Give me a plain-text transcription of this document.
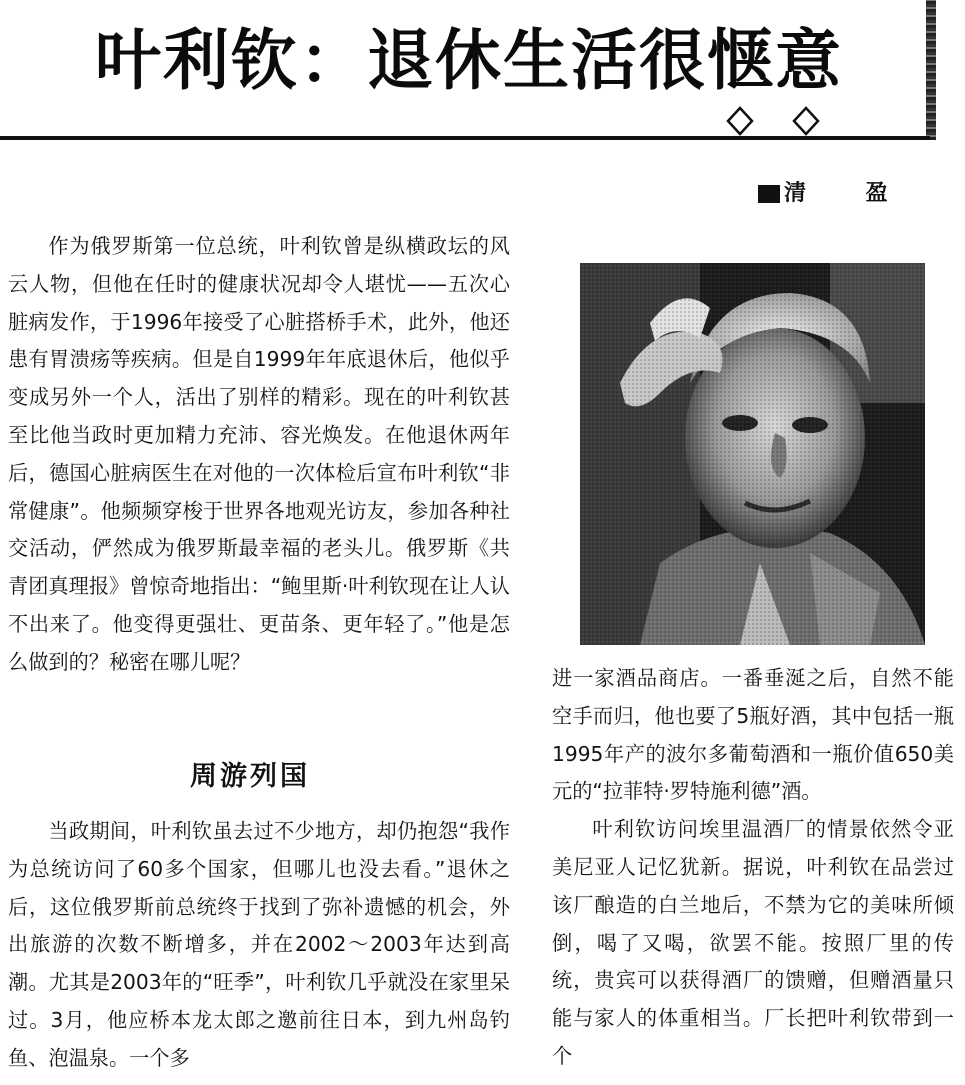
叶利钦：退休生活很惬意
清 盈

作为俄罗斯第一位总统，叶利钦曾是纵横政坛的风云人物，但他在任时的健康状况却令人堪忧——五次心脏病发作，于1996年接受了心脏搭桥手术，此外，他还患有胃溃疡等疾病。但是自1999年年底退休后，他似乎变成另外一个人，活出了别样的精彩。现在的叶利钦甚至比他当政时更加精力充沛、容光焕发。在他退休两年后，德国心脏病医生在对他的一次体检后宣布叶利钦“非常健康”。他频频穿梭于世界各地观光访友，参加各种社交活动，俨然成为俄罗斯最幸福的老头儿。俄罗斯《共青团真理报》曾惊奇地指出：“鲍里斯·叶利钦现在让人认不出来了。他变得更强壮、更苗条、更年轻了。”他是怎么做到的？秘密在哪儿呢？

周游列国

当政期间，叶利钦虽去过不少地方，却仍抱怨“我作为总统访问了60多个国家，但哪儿也没去看。”退休之后，这位俄罗斯前总统终于找到了弥补遗憾的机会，外出旅游的次数不断增多，并在2002～2003年达到高潮。尤其是2003年的“旺季”，叶利钦几乎就没在家里呆过。3月，他应桥本龙太郎之邀前往日本，到九州岛钓鱼、泡温泉。一个多

进一家酒品商店。一番垂涎之后，自然不能空手而归，他也要了5瓶好酒，其中包括一瓶1995年产的波尔多葡萄酒和一瓶价值650美元的“拉菲特·罗特施利德”酒。

叶利钦访问埃里温酒厂的情景依然令亚美尼亚人记忆犹新。据说，叶利钦在品尝过该厂酿造的白兰地后，不禁为它的美味所倾倒，喝了又喝，欲罢不能。按照厂里的传统，贵宾可以获得酒厂的馈赠，但赠酒量只能与家人的体重相当。厂长把叶利钦带到一个
